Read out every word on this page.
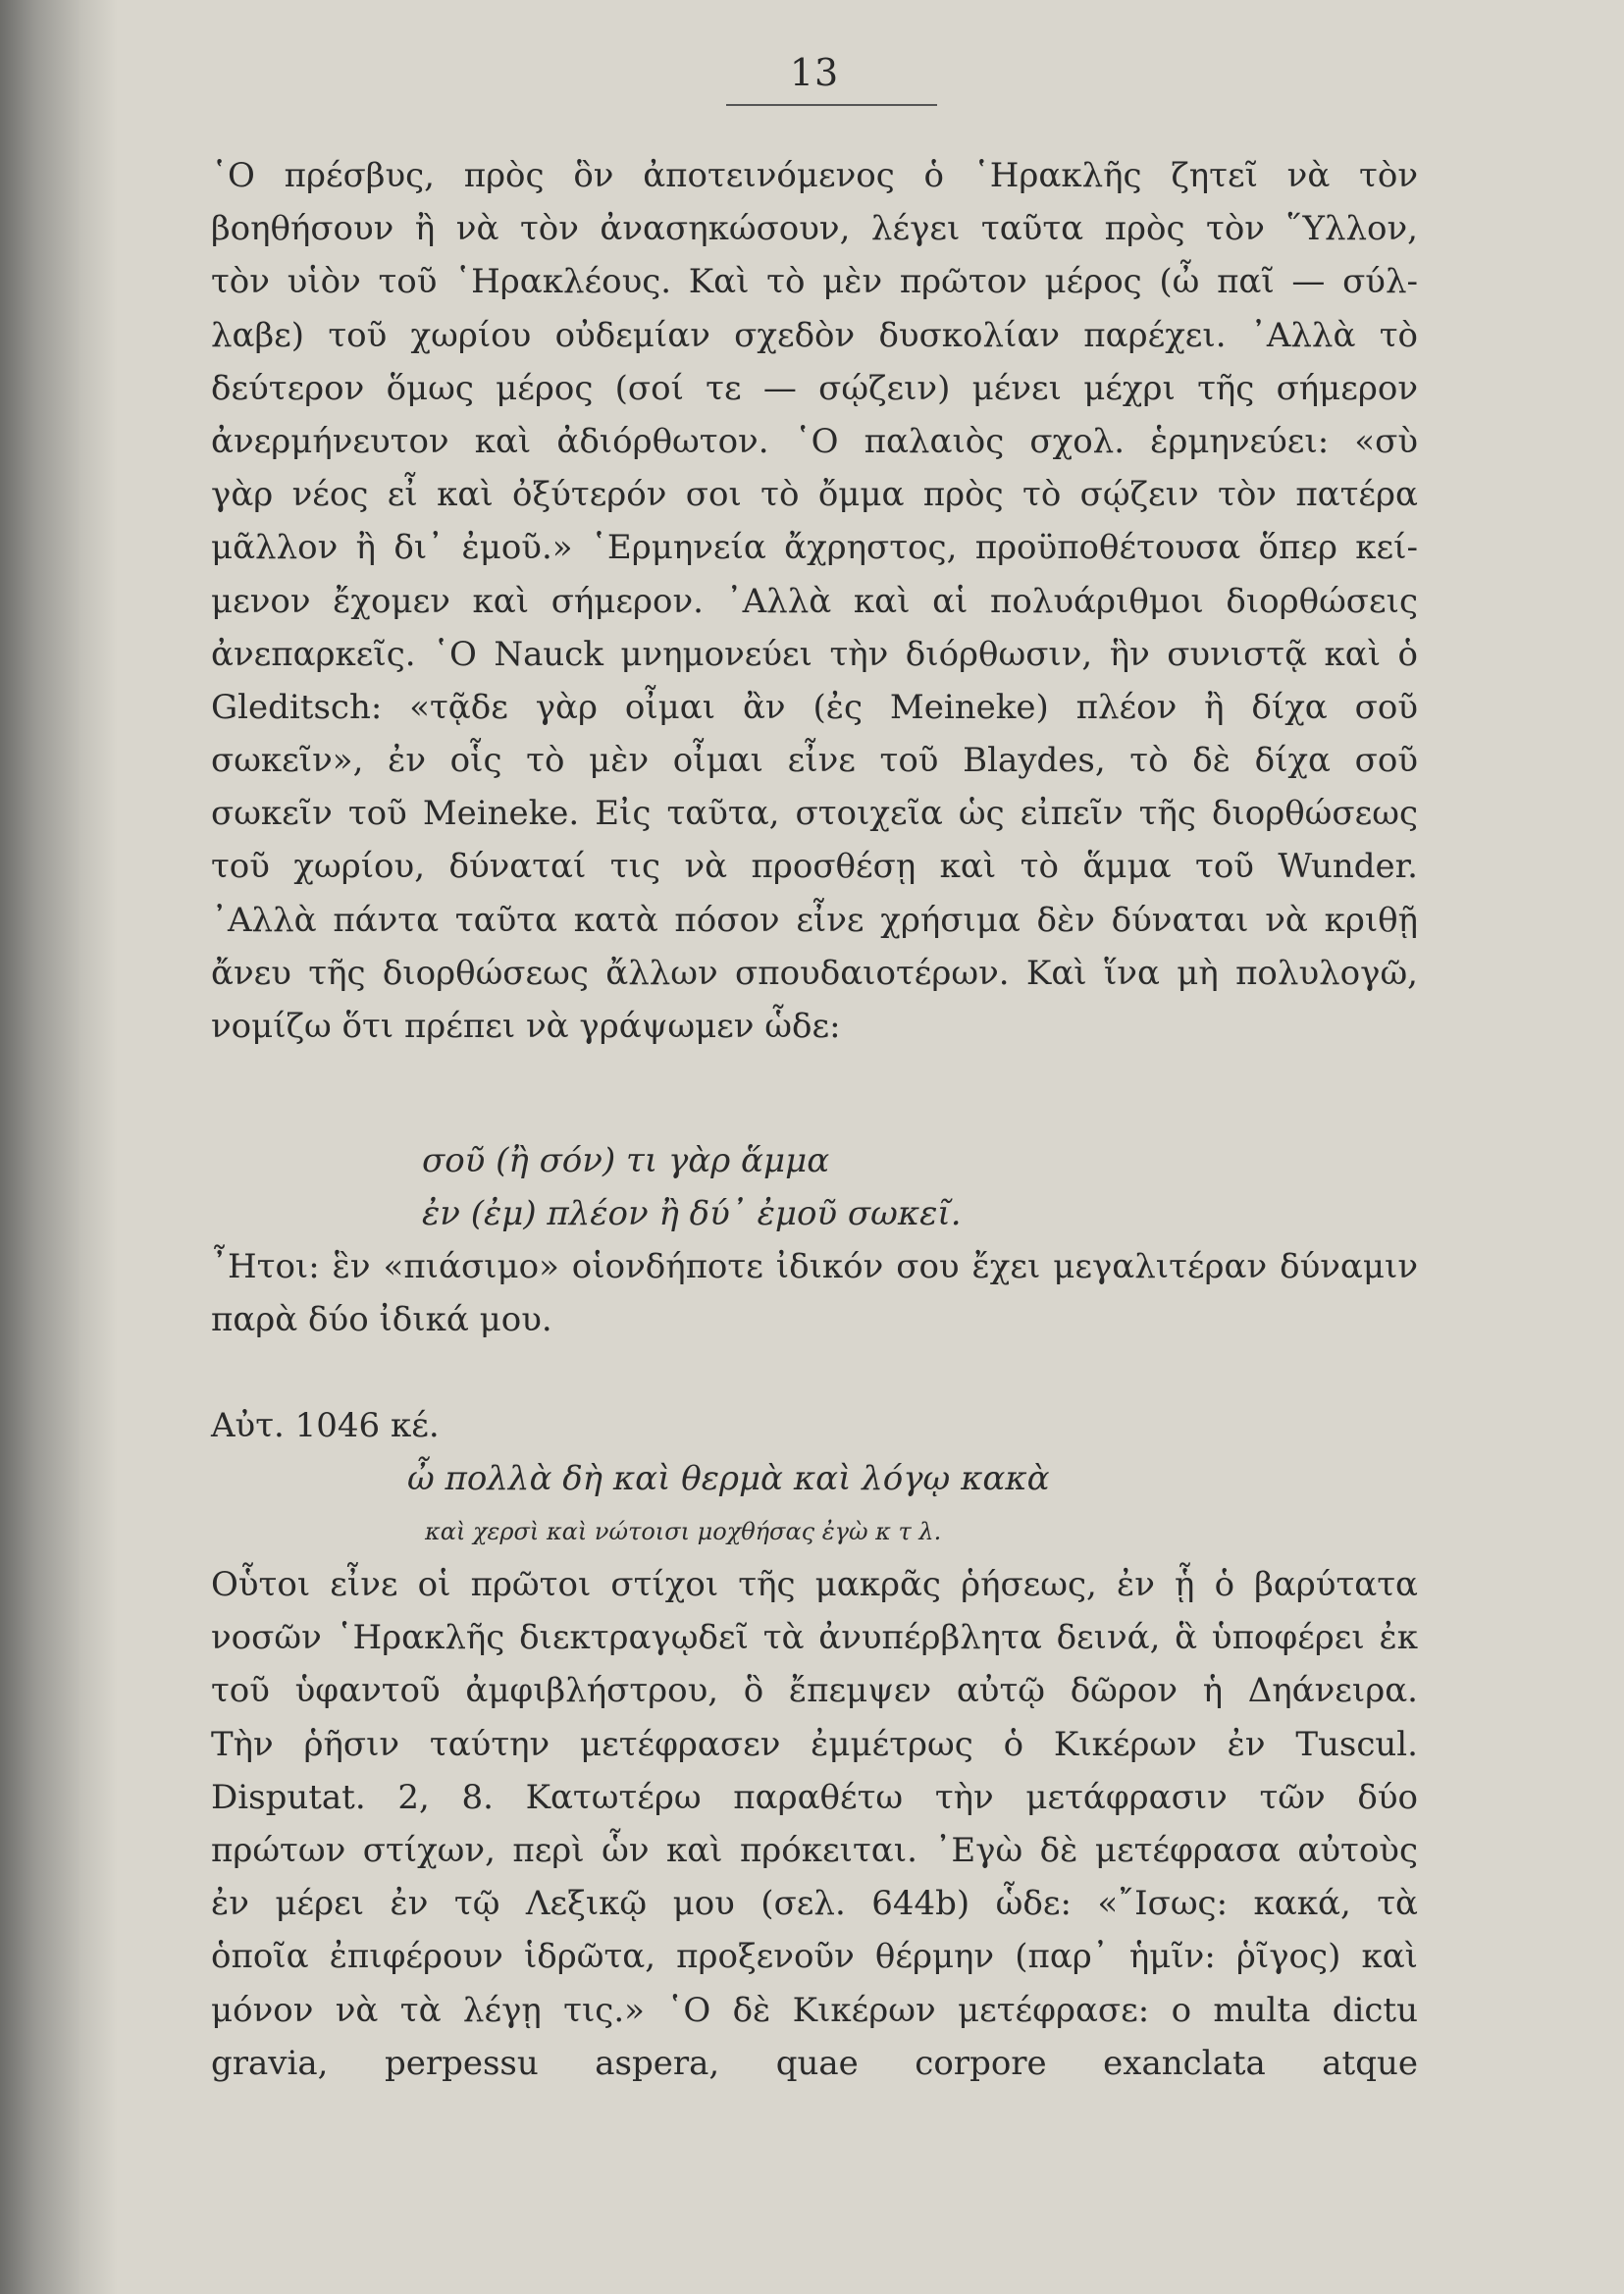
13
῾Ο πρέσβυς, πρὸς ὃν ἀποτεινόμενος ὁ ῾Ηρακλῆς ζητεῖ νὰ τὸν
βοηθήσουν ἢ νὰ τὸν ἀνασηκώσουν, λέγει ταῦτα πρὸς τὸν ῞Υλλον,
τὸν υἱὸν τοῦ ῾Ηρακλέους. Καὶ τὸ μὲν πρῶτον μέρος (ὦ παῖ — σύλ-
λαβε) τοῦ χωρίου οὐδεμίαν σχεδὸν δυσκολίαν παρέχει. ᾿Αλλὰ τὸ
δεύτερον ὅμως μέρος (σοί τε — σῴζειν) μένει μέχρι τῆς σήμερον
ἀνερμήνευτον καὶ ἀδιόρθωτον. ῾Ο παλαιὸς σχολ. ἑρμηνεύει: «σὺ
γὰρ νέος εἶ καὶ ὀξύτερόν σοι τὸ ὄμμα πρὸς τὸ σῴζειν τὸν πατέρα
μᾶλλον ἢ δι᾿ ἐμοῦ.» ῾Ερμηνεία ἄχρηστος, προϋποθέτουσα ὅπερ κεί-
μενον ἔχομεν καὶ σήμερον. ᾿Αλλὰ καὶ αἱ πολυάριθμοι διορθώσεις
ἀνεπαρκεῖς. ῾Ο Nauck μνημονεύει τὴν διόρθωσιν, ἣν συνιστᾷ καὶ ὁ
Gleditsch: «τᾷδε γὰρ οἶμαι ἂν (ἐς Meineke) πλέον ἢ δίχα σοῦ
σωκεῖν», ἐν οἷς τὸ μὲν οἶμαι εἶνε τοῦ Blaydes, τὸ δὲ δίχα σοῦ
σωκεῖν τοῦ Meineke. Εἰς ταῦτα, στοιχεῖα ὡς εἰπεῖν τῆς διορθώσεως
τοῦ χωρίου, δύναταί τις νὰ προσθέσῃ καὶ τὸ ἅμμα τοῦ Wunder.
᾿Αλλὰ πάντα ταῦτα κατὰ πόσον εἶνε χρήσιμα δὲν δύναται νὰ κριθῇ
ἄνευ τῆς διορθώσεως ἄλλων σπουδαιοτέρων. Καὶ ἵνα μὴ πολυλογῶ,
νομίζω ὅτι πρέπει νὰ γράψωμεν ὧδε:
σοῦ (ἢ σόν) τι γὰρ ἅμμα
ἐν (ἐμ) πλέον ἢ δύ᾿ ἐμοῦ σωκεῖ.
῏Ητοι: ἓν «πιάσιμο» οἱονδήποτε ἰδικόν σου ἔχει μεγαλιτέραν δύναμιν
παρὰ δύο ἰδικά μου.
Αὐτ. 1046 κέ.
ὦ πολλὰ δὴ καὶ θερμὰ καὶ λόγῳ κακὰ
καὶ χερσὶ καὶ νώτοισι μοχθήσας ἐγὼ κ τ λ.
Οὗτοι εἶνε οἱ πρῶτοι στίχοι τῆς μακρᾶς ῥήσεως, ἐν ᾗ ὁ βαρύτατα
νοσῶν ῾Ηρακλῆς διεκτραγῳδεῖ τὰ ἀνυπέρβλητα δεινά, ἃ ὑποφέρει ἐκ
τοῦ ὑφαντοῦ ἀμφιβλήστρου, ὃ ἔπεμψεν αὐτῷ δῶρον ἡ Δηάνειρα.
Τὴν ῥῆσιν ταύτην μετέφρασεν ἐμμέτρως ὁ Κικέρων ἐν Tuscul.
Disputat. 2, 8. Κατωτέρω παραθέτω τὴν μετάφρασιν τῶν δύο
πρώτων στίχων, περὶ ὧν καὶ πρόκειται. ᾿Εγὼ δὲ μετέφρασα αὐτοὺς
ἐν μέρει ἐν τῷ Λεξικῷ μου (σελ. 644b) ὧδε: «῎Ισως: κακά, τὰ
ὁποῖα ἐπιφέρουν ἱδρῶτα, προξενοῦν θέρμην (παρ᾿ ἡμῖν: ῥῖγος) καὶ
μόνον νὰ τὰ λέγῃ τις.» ῾Ο δὲ Κικέρων μετέφρασε: o multa dictu
gravia, perpessu aspera, quae corpore exanclata atque
